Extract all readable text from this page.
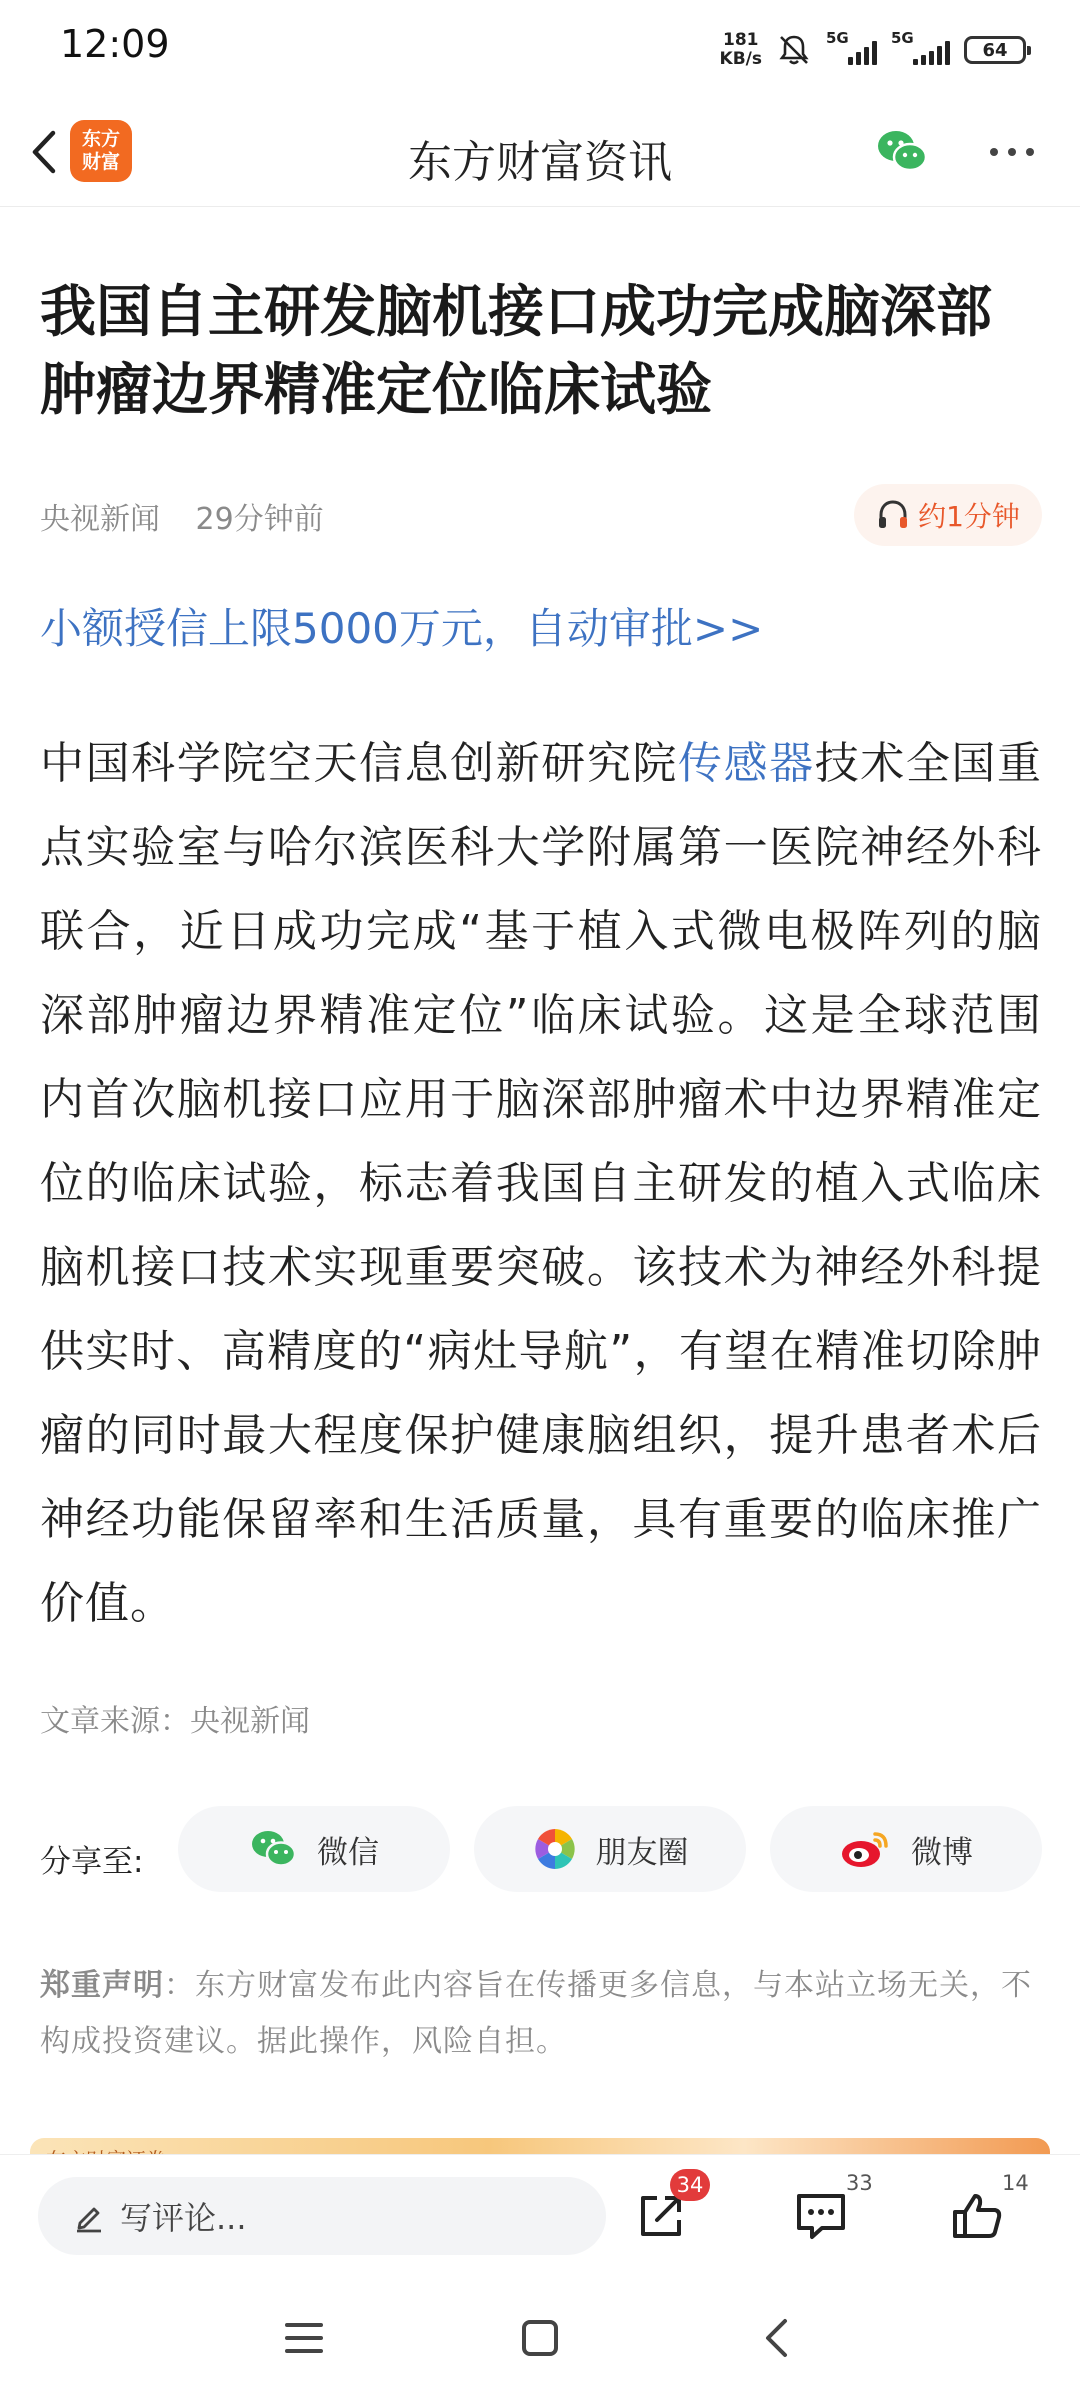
12:09	181
KB/s
5G	5G
64
东方
财富	东方财富资讯
我国自主研发脑机接口成功完成脑深部肿瘤边界精准定位临床试验
央视新闻 29分钟前	约1分钟
小额授信上限5000万元，自动审批>>

中国科学院空天信息创新研究院传感器技术全国重点实验室与哈尔滨医科大学附属第一医院神经外科联合，近日成功完成“基于植入式微电极阵列的脑深部肿瘤边界精准定位”临床试验。这是全球范围内首次脑机接口应用于脑深部肿瘤术中边界精准定位的临床试验，标志着我国自主研发的植入式临床脑机接口技术实现重要突破。该技术为神经外科提供实时、高精度的“病灶导航”，有望在精准切除肿瘤的同时最大程度保护健康脑组织，提升患者术后神经功能保留率和生活质量，具有重要的临床推广价值。

文章来源：央视新闻
分享至:	微信	朋友圈	微博

郑重声明：东方财富发布此内容旨在传播更多信息，与本站立场无关，不构成投资建议。据此操作，风险自担。

写评论...
34	33	14
